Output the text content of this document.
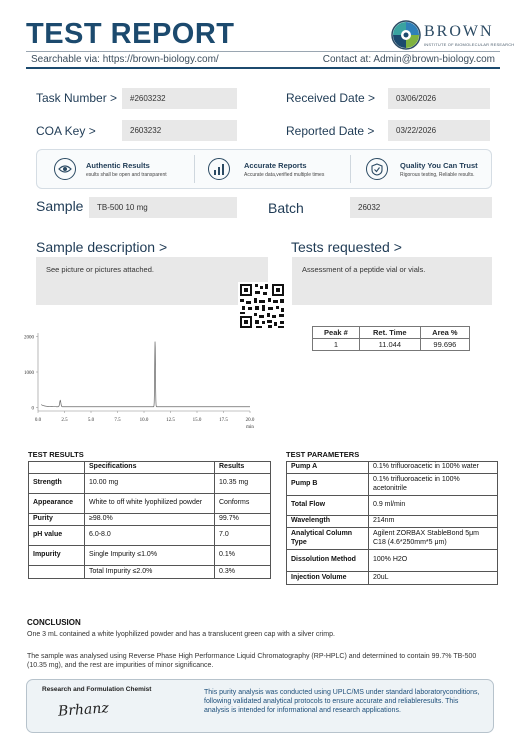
TEST REPORT	BROWN
INSTITUTE OF BIOMOLECULAR RESEARCH
Searchable via: https://brown-biology.com/	Contact at: Admin@brown-biology.com
Task Number >	#2603232	Received Date >	03/06/2026
COA Key >	2603232	Reported Date >	03/22/2026
Authentic Results
esults shall be open and transparent
Accurate Reports
Accurate data,verified multiple times
Quality You Can Trust
Rigorous testing, Reliable results.
Sample	TB-500 10 mg	Batch	26032
Sample description >
See picture or pictures attached.
Tests requested >
Assessment of a peptide vial or vials.
0.0	2.5	5.0	7.5	10.0	12.5	15.0	17.5	20.0
0
1000
2000
min
Peak #	Ret. Time	Area %
1	11.044	99.696
TEST RESULTS
	Specifications	Results
Strength	10.00 mg	10.35 mg
Appearance	White to off white lyophilized powder	Conforms
Purity	≥98.0%	99.7%
pH value	6.0-8.0	7.0
Impurity	Single Impurity ≤1.0%	0.1%
	Total Impurity ≤2.0%	0.3%
TEST PARAMETERS
Pump A	0.1% trifluoroacetic in 100% water
Pump B	0.1% trifluoroacetic in 100% acetonitrile
Total Flow	0.9 ml/min
Wavelength	214nm
Analytical Column Type	Agilent ZORBAX StableBond 5μm C18 (4.6*250mm*5 μm)
Dissolution Method	100% H2O
Injection Volume	20uL
CONCLUSION
One 3 mL contained a white lyophilized powder and has a translucent green cap with a silver crimp.
The sample was analysed using Reverse Phase High Performance Liquid Chromatography (RP-HPLC) and determined to contain 99.7% TB-500 (10.35 mg), and the rest are impurities of minor significance.
Research and Formulation Chemist
Brhanz
This purity analysis was conducted using UPLC/MS under standard laboratoryconditions, following validated analytical protocols to ensure accurate and reliableresults. This analysis is intended for informational and research applications.
